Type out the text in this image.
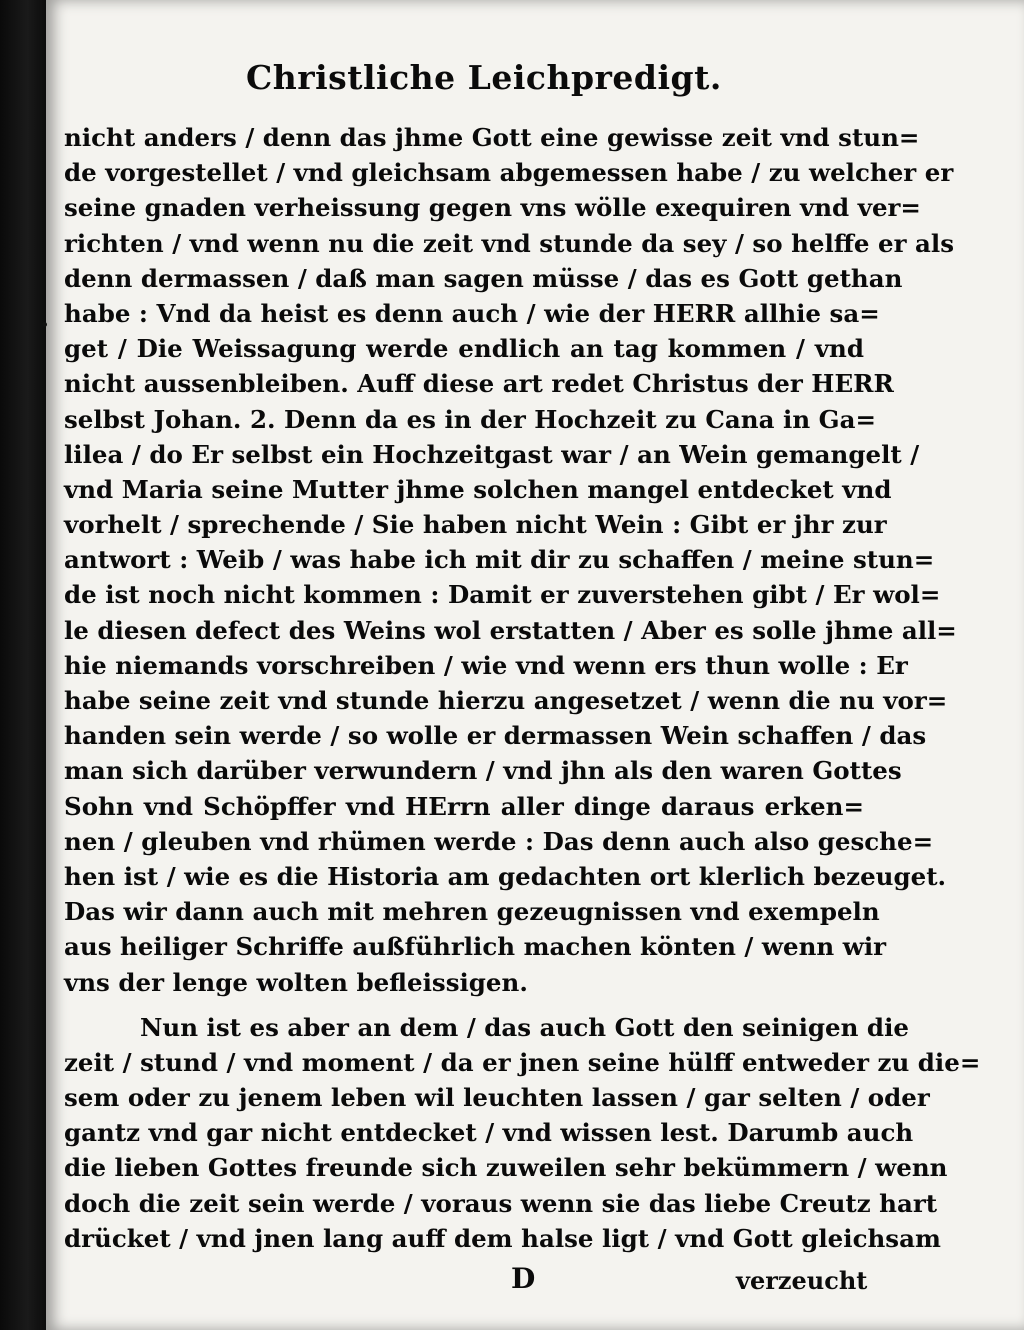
Christliche Leichpredigt.
nicht anders / denn das jhme Gott eine gewisse zeit vnd stun=
de vorgestellet / vnd gleichsam abgemessen habe / zu welcher er
seine gnaden verheissung gegen vns wölle exequiren vnd ver=
richten / vnd wenn nu die zeit vnd stunde da sey / so helffe er als
denn dermassen / daß man sagen müsse / das es Gott gethan
habe : Vnd da heist es denn auch / wie der HERR allhie sa=
get / Die Weissagung werde endlich an tag kommen / vnd
nicht aussenbleiben. Auff diese art redet Christus der HERR
selbst Johan. 2. Denn da es in der Hochzeit zu Cana in Ga=
lilea / do Er selbst ein Hochzeitgast war / an Wein gemangelt /
vnd Maria seine Mutter jhme solchen mangel entdecket vnd
vorhelt / sprechende / Sie haben nicht Wein : Gibt er jhr zur
antwort : Weib / was habe ich mit dir zu schaffen / meine stun=
de ist noch nicht kommen : Damit er zuverstehen gibt / Er wol=
le diesen defect des Weins wol erstatten / Aber es solle jhme all=
hie niemands vorschreiben / wie vnd wenn ers thun wolle : Er
habe seine zeit vnd stunde hierzu angesetzet / wenn die nu vor=
handen sein werde / so wolle er dermassen Wein schaffen / das
man sich darüber verwundern / vnd jhn als den waren Gottes
Sohn vnd Schöpffer vnd HErrn aller dinge daraus erken=
nen / gleuben vnd rhümen werde : Das denn auch also gesche=
hen ist / wie es die Historia am gedachten ort klerlich bezeuget.
Das wir dann auch mit mehren gezeugnissen vnd exempeln
aus heiliger Schriffe außführlich machen könten / wenn wir
vns der lenge wolten befleissigen.
Nun ist es aber an dem / das auch Gott den seinigen die
zeit / stund / vnd moment / da er jnen seine hülff entweder zu die=
sem oder zu jenem leben wil leuchten lassen / gar selten / oder
gantz vnd gar nicht entdecket / vnd wissen lest. Darumb auch
die lieben Gottes freunde sich zuweilen sehr bekümmern / wenn
doch die zeit sein werde / voraus wenn sie das liebe Creutz hart
drücket / vnd jnen lang auff dem halse ligt / vnd Gott gleichsam
D	verzeucht
